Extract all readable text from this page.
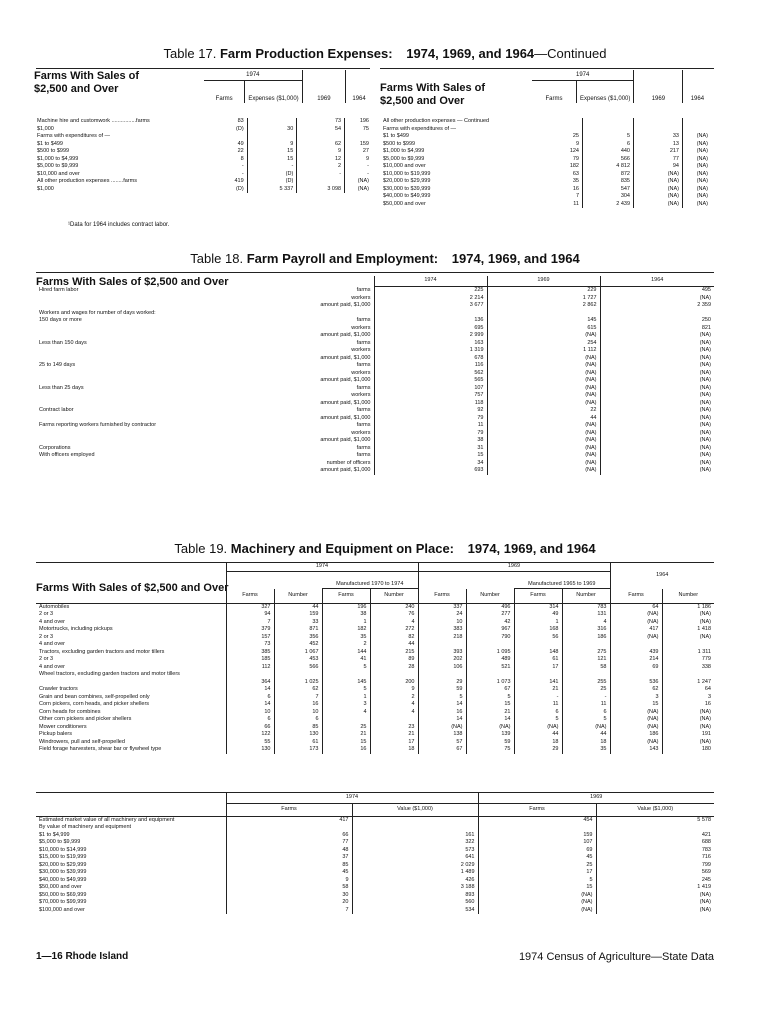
Table 17. Farm Production Expenses: 1974, 1969, and 1964—Continued
Farms With Sales of
$2,500 and Over
1974			
Farms	Expenses ($1,000)	1969	1964
Machine hire and customwork ................farms	83		73	196
$1,000	(D)	30	54	75
Farms with expenditures of —				
$1 to $499	49	9	62	159
$500 to $999	22	15	9	27
$1,000 to $4,999	8	15	12	9
$5,000 to $9,999	-	-	2	-
$10,000 and over	-	(D)	-	-

All other production expenses ........farms	419	(D)		(NA)
$1,000	(D)	5 337	3 098	(NA)
¹Data for 1964 includes contract labor.
Farms With Sales of
$2,500 and Over
1974			
Farms	Expenses ($1,000)	1969	1964
All other production expenses — Continued				
Farms with expenditures of —				
$1 to $499	25	5	33	(NA)
$500 to $999	9	6	13	(NA)
$1,000 to $4,999	124	440	217	(NA)
$5,000 to $9,999	79	566	77	(NA)
$10,000 and over	182	4 812	94	(NA)
$10,000 to $19,999	63	872	(NA)	(NA)
$20,000 to $29,999	35	835	(NA)	(NA)
$30,000 to $39,999	16	547	(NA)	(NA)
$40,000 to $49,999	7	304	(NA)	(NA)
$50,000 and over	11	2 439	(NA)	(NA)
Table 18. Farm Payroll and Employment: 1974, 1969, and 1964
Farms With Sales of $2,500 and Over
			1974	1969	1964
Hired farm labor	farms	225	229	495
	workers	2 214	1 727	(NA)
	amount paid, $1,000	3 677	2 862	2 359

Workers and wages for number of days worked:				
150 days or more	farms	136	145	250
	workers	695	615	821
	amount paid, $1,000	2 999	(NA)	(NA)
Less than 150 days	farms	163	254	(NA)
	workers	1 319	1 112	(NA)
	amount paid, $1,000	678	(NA)	(NA)
25 to 149 days	farms	116	(NA)	(NA)
	workers	562	(NA)	(NA)
	amount paid, $1,000	565	(NA)	(NA)
Less than 25 days	farms	107	(NA)	(NA)
	workers	757	(NA)	(NA)
	amount paid, $1,000	118	(NA)	(NA)

Contract labor	farms	92	22	(NA)
	amount paid, $1,000	79	44	(NA)
Farms reporting workers furnished by contractor	farms	11	(NA)	(NA)
	workers	79	(NA)	(NA)
	amount paid, $1,000	38	(NA)	(NA)

Corporations	farms	31	(NA)	(NA)
With officers employed	farms	15	(NA)	(NA)
	number of officers	34	(NA)	(NA)
	amount paid, $1,000	693	(NA)	(NA)
Table 19. Machinery and Equipment on Place: 1974, 1969, and 1964
Farms With Sales of $2,500 and Over
	1974				1969				1964	
			Manufactured 1970 to 1974				Manufactured 1965 to 1969			
	Farms	Number	Farms	Number	Farms	Number	Farms	Number	Farms	Number
Automobiles	327	44	196	240	337	496	314	783	64	1 186
2 or 3	94	159	38	76	24	277	49	131	(NA)	(NA)
4 and over	7	33	1	4	10	42	1	4	(NA)	(NA)
Motortrucks, including pickups	379	871	182	272	383	967	168	316	417	1 418
2 or 3	157	356	35	82	218	790	56	186	(NA)	(NA)
4 and over	73	452	2	44						
Tractors, excluding garden tractors and motor tillers	385	1 067	144	215	393	1 095	148	275	439	1 311
2 or 3	185	453	41	89	202	489	61	121	214	779
4 and over	112	566	5	28	106	521	17	58	69	338
Wheel tractors, excluding garden tractors and motor tillers										
	364	1 025	145	200	29	1 073	141	255	536	1 247
Crawler tractors	14	62	5	9	59	67	21	25	62	64

Grain and bean combines, self-propelled only	6	7	1	2	5	5	-	-	3	3
Corn pickers, corn heads, and picker shellers	14	16	3	4	14	15	11	11	15	16
Corn heads for combines	10	10	4	4	16	21	6	6	(NA)	(NA)
Other corn pickers and picker shellers	6	6			14	14	5	5	(NA)	(NA)
Mower conditioners	66	85	25	23	(NA)	(NA)	(NA)	(NA)	(NA)	(NA)
Pickup balers	122	130	21	21	138	139	44	44	186	191
Windrowers, pull and self-propelled	55	61	15	17	57	59	18	18	(NA)	(NA)
Field forage harvesters, shear bar or flywheel type	130	173	16	18	67	75	29	35	143	180
	1974		1969	
	Farms	Value ($1,000)	Farms	Value ($1,000)
Estimated market value of all machinery and equipment	417		454	5 578
By value of machinery and equipment				
$1 to $4,999	66	161	159	421
$5,000 to $9,999	77	322	107	688
$10,000 to $14,999	48	573	69	783
$15,000 to $19,999	37	641	45	716
$20,000 to $29,999	85	2 029	25	799
$30,000 to $39,999	45	1 489	17	569
$40,000 to $49,999	9	426	5	245
$50,000 and over	58	3 188	15	1 419
$50,000 to $69,999	30	893	(NA)	(NA)
$70,000 to $99,999	20	560	(NA)	(NA)
$100,000 and over	7	534	(NA)	(NA)
1—16 Rhode Island	1974 Census of Agriculture—State Data
